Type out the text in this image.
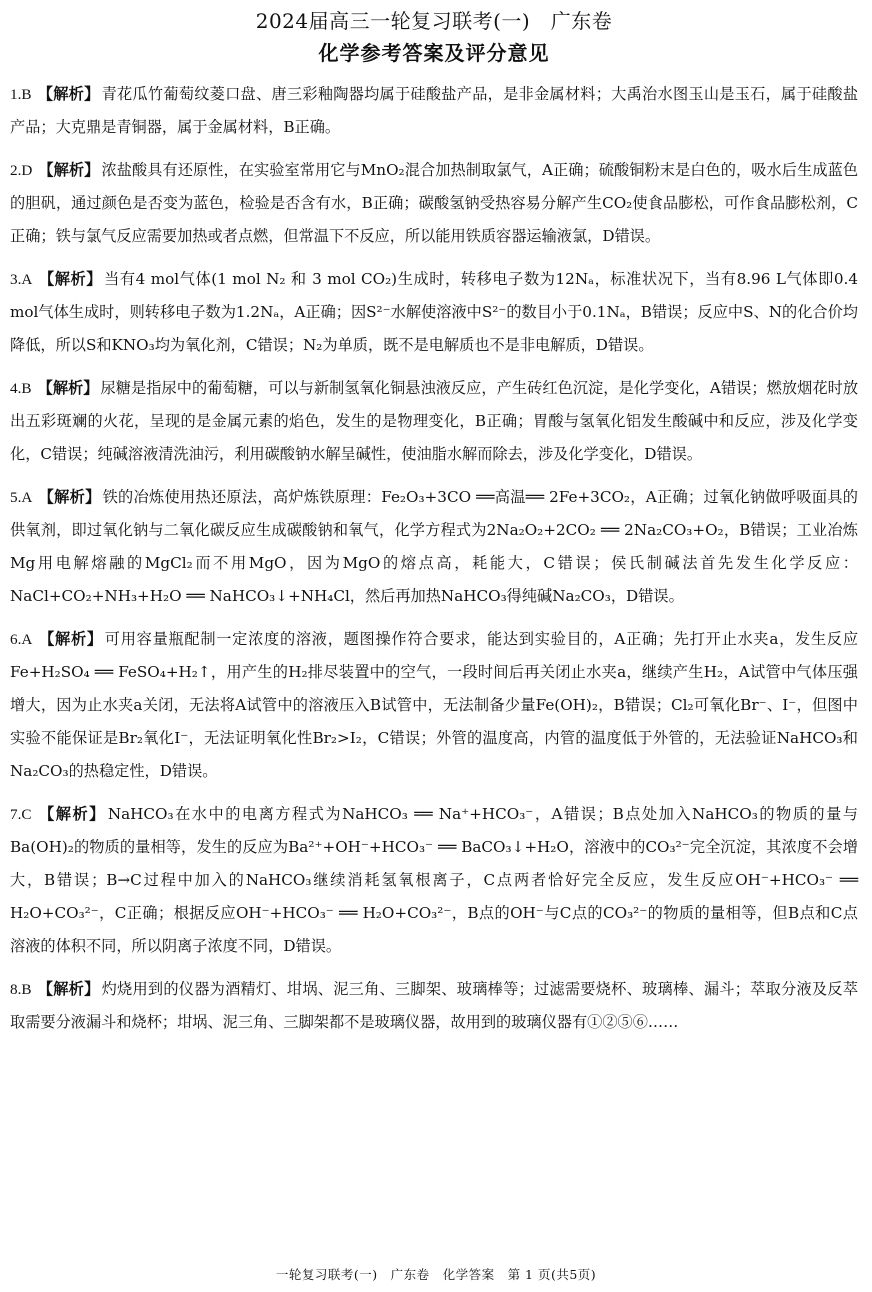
2024届高三一轮复习联考(一)　广东卷
化学参考答案及评分意见
1.B 【解析】 青花瓜竹葡萄纹菱口盘、唐三彩釉陶器均属于硅酸盐产品，是非金属材料；大禹治水图玉山是玉石，属于硅酸盐产品；大克鼎是青铜器，属于金属材料，B正确。
2.D 【解析】 浓盐酸具有还原性，在实验室常用它与MnO₂混合加热制取氯气，A正确；硫酸铜粉末是白色的，吸水后生成蓝色的胆矾，通过颜色是否变为蓝色，检验是否含有水，B正确；碳酸氢钠受热容易分解产生CO₂使食品膨松，可作食品膨松剂，C正确；铁与氯气反应需要加热或者点燃，但常温下不反应，所以能用铁质容器运输液氯，D错误。
3.A 【解析】 当有4 mol气体(1 mol N₂ 和 3 mol CO₂)生成时，转移电子数为12Nₐ，标准状况下，当有8.96 L气体即0.4 mol气体生成时，则转移电子数为1.2Nₐ，A正确；因S²⁻水解使溶液中S²⁻的数目小于0.1Nₐ，B错误；反应中S、N的化合价均降低，所以S和KNO₃均为氧化剂，C错误；N₂为单质，既不是电解质也不是非电解质，D错误。
4.B 【解析】 尿糖是指尿中的葡萄糖，可以与新制氢氧化铜悬浊液反应，产生砖红色沉淀，是化学变化，A错误；燃放烟花时放出五彩斑斓的火花，呈现的是金属元素的焰色，发生的是物理变化，B正确；胃酸与氢氧化铝发生酸碱中和反应，涉及化学变化，C错误；纯碱溶液清洗油污，利用碳酸钠水解呈碱性，使油脂水解而除去，涉及化学变化，D错误。
5.A 【解析】 铁的冶炼使用热还原法，高炉炼铁原理：Fe₂O₃+3CO ══高温══ 2Fe+3CO₂，A正确；过氧化钠做呼吸面具的供氧剂，即过氧化钠与二氧化碳反应生成碳酸钠和氧气，化学方程式为2Na₂O₂+2CO₂ ══ 2Na₂CO₃+O₂，B错误；工业冶炼Mg用电解熔融的MgCl₂而不用MgO，因为MgO的熔点高，耗能大，C错误；侯氏制碱法首先发生化学反应：NaCl+CO₂+NH₃+H₂O ══ NaHCO₃↓+NH₄Cl，然后再加热NaHCO₃得纯碱Na₂CO₃，D错误。
6.A 【解析】 可用容量瓶配制一定浓度的溶液，题图操作符合要求，能达到实验目的，A正确；先打开止水夹a，发生反应Fe+H₂SO₄ ══ FeSO₄+H₂↑，用产生的H₂排尽装置中的空气，一段时间后再关闭止水夹a，继续产生H₂，A试管中气体压强增大，因为止水夹a关闭，无法将A试管中的溶液压入B试管中，无法制备少量Fe(OH)₂，B错误；Cl₂可氧化Br⁻、I⁻，但图中实验不能保证是Br₂氧化I⁻，无法证明氧化性Br₂>I₂，C错误；外管的温度高，内管的温度低于外管的，无法验证NaHCO₃和Na₂CO₃的热稳定性，D错误。
7.C 【解析】 NaHCO₃在水中的电离方程式为NaHCO₃ ══ Na⁺+HCO₃⁻，A错误；B点处加入NaHCO₃的物质的量与Ba(OH)₂的物质的量相等，发生的反应为Ba²⁺+OH⁻+HCO₃⁻ ══ BaCO₃↓+H₂O，溶液中的CO₃²⁻完全沉淀，其浓度不会增大，B错误；B→C过程中加入的NaHCO₃继续消耗氢氧根离子，C点两者恰好完全反应，发生反应OH⁻+HCO₃⁻ ══ H₂O+CO₃²⁻，C正确；根据反应OH⁻+HCO₃⁻ ══ H₂O+CO₃²⁻，B点的OH⁻与C点的CO₃²⁻的物质的量相等，但B点和C点溶液的体积不同，所以阴离子浓度不同，D错误。
8.B 【解析】 灼烧用到的仪器为酒精灯、坩埚、泥三角、三脚架、玻璃棒等；过滤需要烧杯、玻璃棒、漏斗；萃取分液及反萃取需要分液漏斗和烧杯；坩埚、泥三角、三脚架都不是玻璃仪器，故用到的玻璃仪器有①②⑤⑥……
一轮复习联考(一)　广东卷　化学答案　第 1 页(共5页)
